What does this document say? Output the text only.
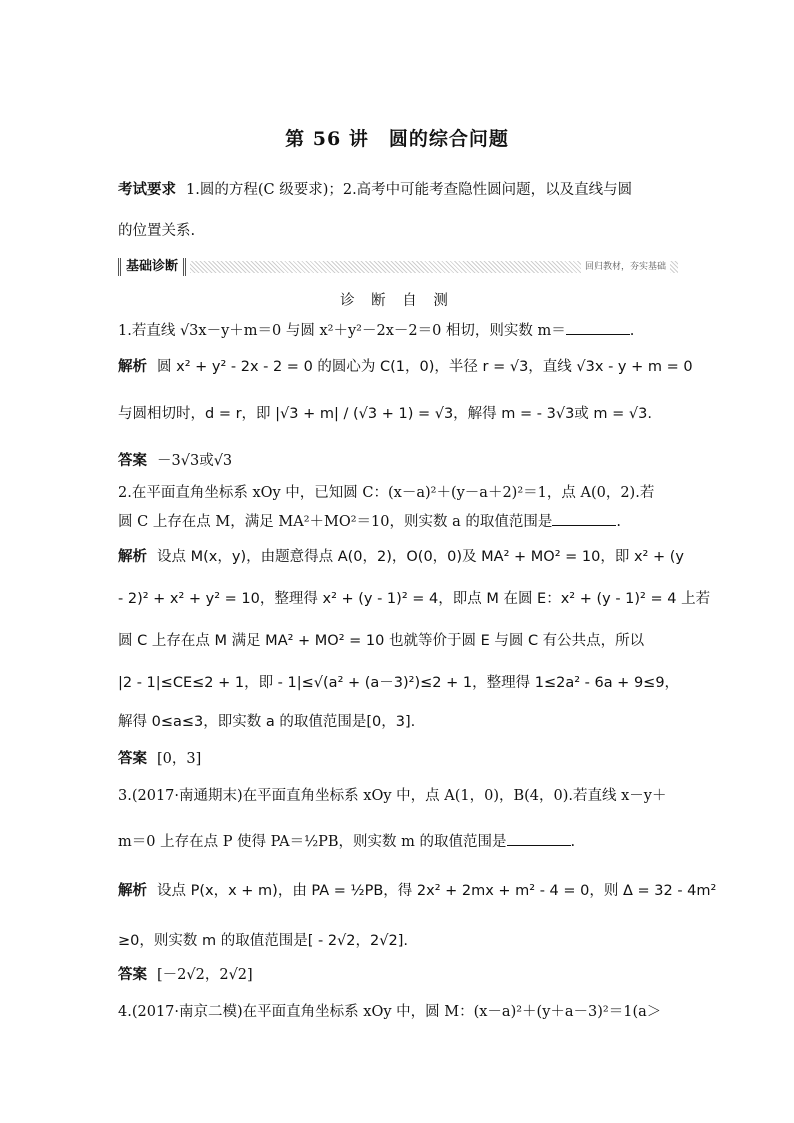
第 56 讲　圆的综合问题
考试要求 1.圆的方程(C 级要求)；2.高考中可能考查隐性圆问题，以及直线与圆
的位置关系.
基础诊断	回归教材，夯实基础
诊 断 自 测
1.若直线 √3x－y＋m＝0 与圆 x²＋y²－2x－2＝0 相切，则实数 m＝	.
解析 圆 x² + y² - 2x - 2 = 0 的圆心为 C(1，0)，半径 r = √3，直线 √3x - y + m = 0
与圆相切时，d = r，即 |√3 + m| / (√3 + 1) = √3，解得 m = - 3√3或 m = √3.
答案 －3√3或√3
2.在平面直角坐标系 xOy 中，已知圆 C：(x－a)²＋(y－a＋2)²＝1，点 A(0，2).若
圆 C 上存在点 M，满足 MA²＋MO²＝10，则实数 a 的取值范围是	.
解析 设点 M(x，y)，由题意得点 A(0，2)，O(0，0)及 MA² + MO² = 10，即 x² + (y
- 2)² + x² + y² = 10，整理得 x² + (y - 1)² = 4，即点 M 在圆 E：x² + (y - 1)² = 4 上若
圆 C 上存在点 M 满足 MA² + MO² = 10 也就等价于圆 E 与圆 C 有公共点，所以
|2 - 1|≤CE≤2 + 1，即 - 1|≤√(a² + (a－3)²)≤2 + 1，整理得 1≤2a² - 6a + 9≤9，
解得 0≤a≤3，即实数 a 的取值范围是[0，3].
答案 [0，3]
3.(2017·南通期末)在平面直角坐标系 xOy 中，点 A(1，0)，B(4，0).若直线 x－y＋
m＝0 上存在点 P 使得 PA＝½PB，则实数 m 的取值范围是	.
解析 设点 P(x，x + m)，由 PA = ½PB，得 2x² + 2mx + m² - 4 = 0，则 Δ = 32 - 4m²
≥0，则实数 m 的取值范围是[ - 2√2，2√2].
答案 [－2√2，2√2]
4.(2017·南京二模)在平面直角坐标系 xOy 中，圆 M：(x－a)²＋(y＋a－3)²＝1(a＞
